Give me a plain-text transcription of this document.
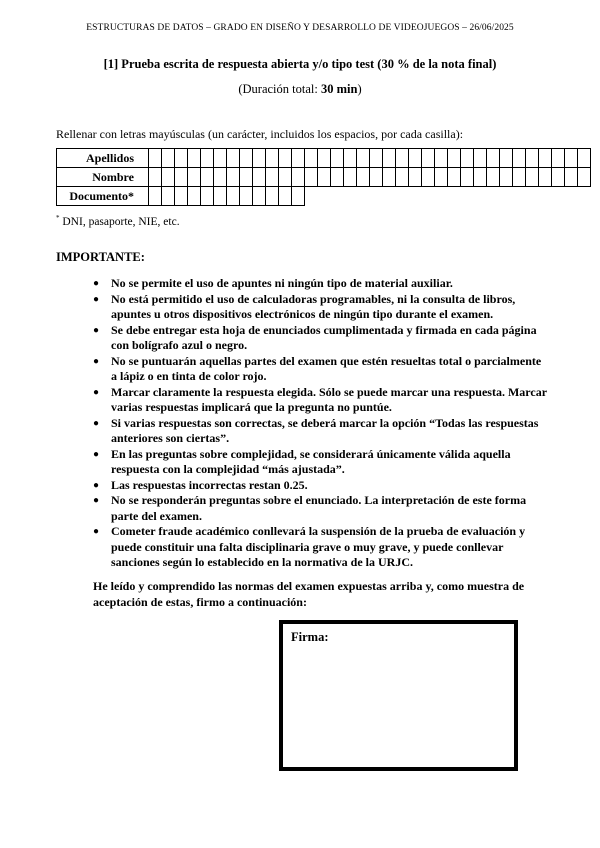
ESTRUCTURAS DE DATOS – GRADO EN DISEÑO Y DESARROLLO DE VIDEOJUEGOS – 26/06/2025
[1] Prueba escrita de respuesta abierta y/o tipo test (30 % de la nota final)
(Duración total: 30 min)
Rellenar con letras mayúsculas (un carácter, incluidos los espacios, por cada casilla):
Apellidos																																		
Nombre																																		
Documento*																																		
* DNI, pasaporte, NIE, etc.
IMPORTANTE:
● No se permite el uso de apuntes ni ningún tipo de material auxiliar.
● No está permitido el uso de calculadoras programables, ni la consulta de libros, apuntes u otros dispositivos electrónicos de ningún tipo durante el examen.
● Se debe entregar esta hoja de enunciados cumplimentada y firmada en cada página con bolígrafo azul o negro.
● No se puntuarán aquellas partes del examen que estén resueltas total o parcialmente a lápiz o en tinta de color rojo.
● Marcar claramente la respuesta elegida. Sólo se puede marcar una respuesta. Marcar varias respuestas implicará que la pregunta no puntúe.
● Si varias respuestas son correctas, se deberá marcar la opción “Todas las respuestas anteriores son ciertas”.
● En las preguntas sobre complejidad, se considerará únicamente válida aquella respuesta con la complejidad “más ajustada”.
● Las respuestas incorrectas restan 0.25.
● No se responderán preguntas sobre el enunciado. La interpretación de este forma parte del examen.
● Cometer fraude académico conllevará la suspensión de la prueba de evaluación y puede constituir una falta disciplinaria grave o muy grave, y puede conllevar sanciones según lo establecido en la normativa de la URJC.
He leído y comprendido las normas del examen expuestas arriba y, como muestra de aceptación de estas, firmo a continuación:
Firma:
